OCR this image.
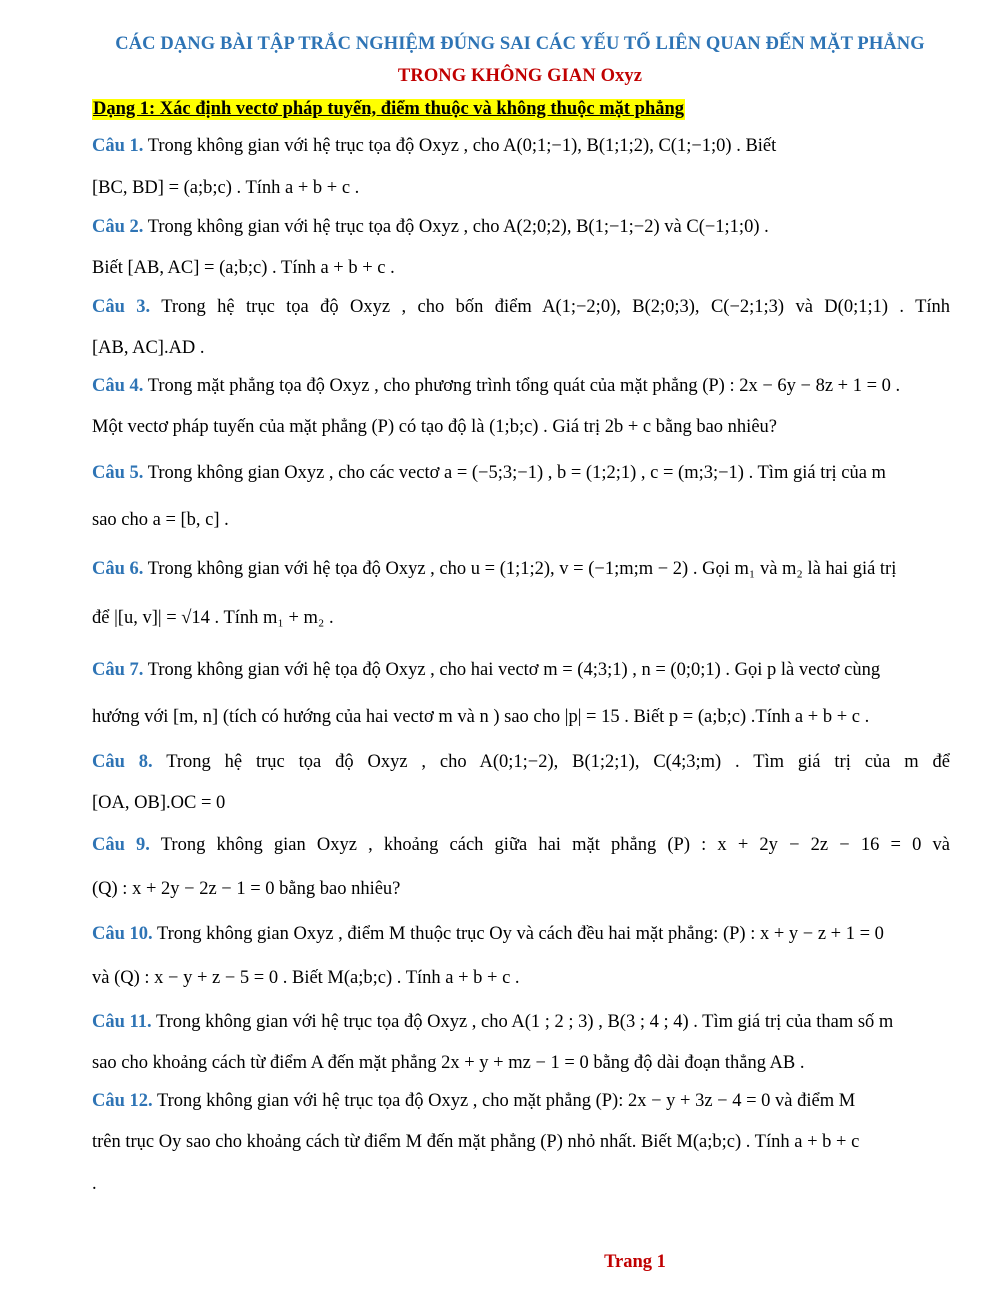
CÁC DẠNG BÀI TẬP TRẮC NGHIỆM ĐÚNG SAI CÁC YẾU TỐ LIÊN QUAN ĐẾN MẶT PHẲNG
TRONG KHÔNG GIAN Oxyz
Dạng 1: Xác định vectơ pháp tuyến, điểm thuộc và không thuộc mặt phẳng
Câu 1. Trong không gian với hệ trục tọa độ Oxyz , cho A(0;1;−1), B(1;1;2), C(1;−1;0) . Biết
[BC, BD] = (a;b;c) . Tính a + b + c .
Câu 2. Trong không gian với hệ trục tọa độ Oxyz , cho A(2;0;2), B(1;−1;−2) và C(−1;1;0) .
Biết [AB, AC] = (a;b;c) . Tính a + b + c .
Câu 3. Trong hệ trục tọa độ Oxyz , cho bốn điểm A(1;−2;0), B(2;0;3), C(−2;1;3) và D(0;1;1) . Tính
[AB, AC].AD .
Câu 4. Trong mặt phẳng tọa độ Oxyz , cho phương trình tổng quát của mặt phẳng (P) : 2x − 6y − 8z + 1 = 0 .
Một vectơ pháp tuyến của mặt phẳng (P) có tạo độ là (1;b;c) . Giá trị 2b + c bằng bao nhiêu?
Câu 5. Trong không gian Oxyz , cho các vectơ a = (−5;3;−1) , b = (1;2;1) , c = (m;3;−1) . Tìm giá trị của m
sao cho a = [b, c] .
Câu 6. Trong không gian với hệ tọa độ Oxyz , cho u = (1;1;2), v = (−1;m;m − 2) . Gọi m₁ và m₂ là hai giá trị
để |[u, v]| = √14 . Tính m₁ + m₂ .
Câu 7. Trong không gian với hệ tọa độ Oxyz , cho hai vectơ m = (4;3;1) , n = (0;0;1) . Gọi p là vectơ cùng
hướng với [m, n] (tích có hướng của hai vectơ m và n ) sao cho |p| = 15 . Biết p = (a;b;c) .Tính a + b + c .
Câu 8. Trong hệ trục tọa độ Oxyz , cho A(0;1;−2), B(1;2;1), C(4;3;m) . Tìm giá trị của m để
[OA, OB].OC = 0
Câu 9. Trong không gian Oxyz , khoảng cách giữa hai mặt phẳng (P) : x + 2y − 2z − 16 = 0 và
(Q) : x + 2y − 2z − 1 = 0 bằng bao nhiêu?
Câu 10. Trong không gian Oxyz , điểm M thuộc trục Oy và cách đều hai mặt phẳng: (P) : x + y − z + 1 = 0
và (Q) : x − y + z − 5 = 0 . Biết M(a;b;c) . Tính a + b + c .
Câu 11. Trong không gian với hệ trục tọa độ Oxyz , cho A(1 ; 2 ; 3) , B(3 ; 4 ; 4) . Tìm giá trị của tham số m
sao cho khoảng cách từ điểm A đến mặt phẳng 2x + y + mz − 1 = 0 bằng độ dài đoạn thẳng AB .
Câu 12. Trong không gian với hệ trục tọa độ Oxyz , cho mặt phẳng (P): 2x − y + 3z − 4 = 0 và điểm M
trên trục Oy sao cho khoảng cách từ điểm M đến mặt phẳng (P) nhỏ nhất. Biết M(a;b;c) . Tính a + b + c
.
Trang 1
